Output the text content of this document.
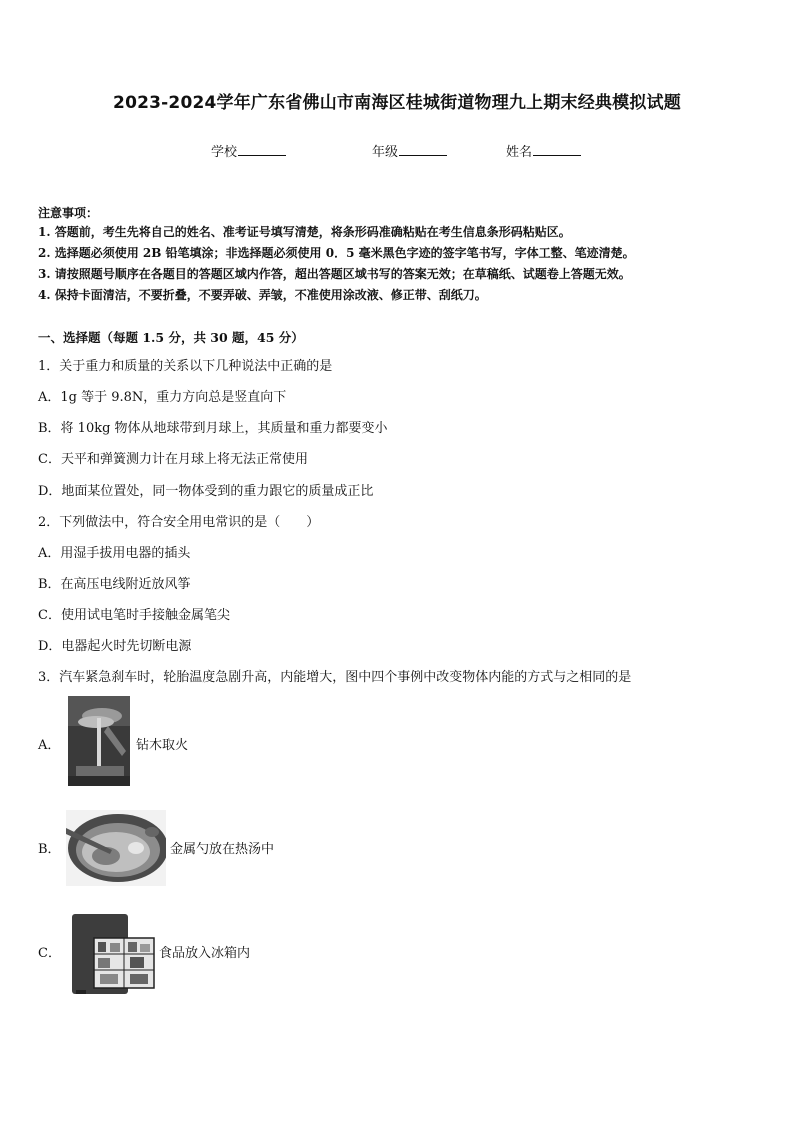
2023-2024学年广东省佛山市南海区桂城街道物理九上期末经典模拟试题
学校	年级	姓名
注意事项：
1. 答题前，考生先将自己的姓名、准考证号填写清楚，将条形码准确粘贴在考生信息条形码粘贴区。
2. 选择题必须使用 2B 铅笔填涂；非选择题必须使用 0．5 毫米黑色字迹的签字笔书写，字体工整、笔迹清楚。
3. 请按照题号顺序在各题目的答题区域内作答，超出答题区域书写的答案无效；在草稿纸、试题卷上答题无效。
4. 保持卡面清洁，不要折叠，不要弄破、弄皱，不准使用涂改液、修正带、刮纸刀。
一、选择题（每题 1.5 分，共 30 题，45 分）
1．关于重力和质量的关系以下几种说法中正确的是
A．1g 等于 9.8N，重力方向总是竖直向下
B．将 10kg 物体从地球带到月球上，其质量和重力都要变小
C．天平和弹簧测力计在月球上将无法正常使用
D．地面某位置处，同一物体受到的重力跟它的质量成正比
2．下列做法中，符合安全用电常识的是（　　）
A．用湿手拔用电器的插头
B．在高压电线附近放风筝
C．使用试电笔时手接触金属笔尖
D．电器起火时先切断电源
3．汽车紧急刹车时，轮胎温度急剧升高，内能增大，图中四个事例中改变物体内能的方式与之相同的是
A．	钻木取火
B．	金属勺放在热汤中
C．	食品放入冰箱内
